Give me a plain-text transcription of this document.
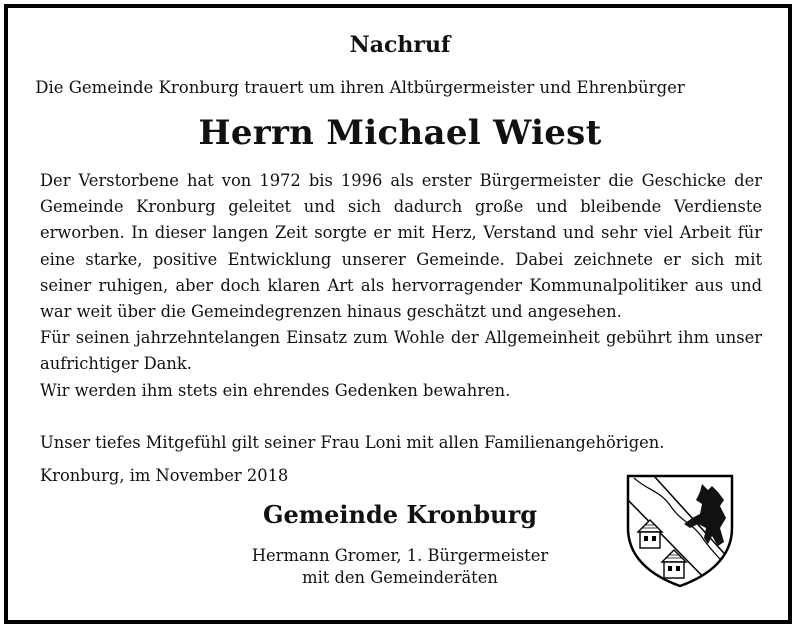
Nachruf
Die Gemeinde Kronburg trauert um ihren Altbürgermeister und Ehrenbürger
Herrn Michael Wiest

Der Verstorbene hat von 1972 bis 1996 als erster Bürgermeister die Geschicke der Gemeinde Kronburg geleitet und sich dadurch große und bleibende Verdienste erworben. In dieser langen Zeit sorgte er mit Herz, Verstand und sehr viel Arbeit für eine starke, positive Entwicklung unserer Gemeinde. Dabei zeichnete er sich mit seiner ruhigen, aber doch klaren Art als hervorragender Kommunalpolitiker aus und war weit über die Gemeindegrenzen hinaus geschätzt und angesehen.

Für seinen jahrzehntelangen Einsatz zum Wohle der Allgemeinheit gebührt ihm unser aufrichtiger Dank.

Wir werden ihm stets ein ehrendes Gedenken bewahren.

Unser tiefes Mitgefühl gilt seiner Frau Loni mit allen Familienangehörigen.

Kronburg, im November 2018
Gemeinde Kronburg
Hermann Gromer, 1. Bürgermeister
mit den Gemeinderäten
